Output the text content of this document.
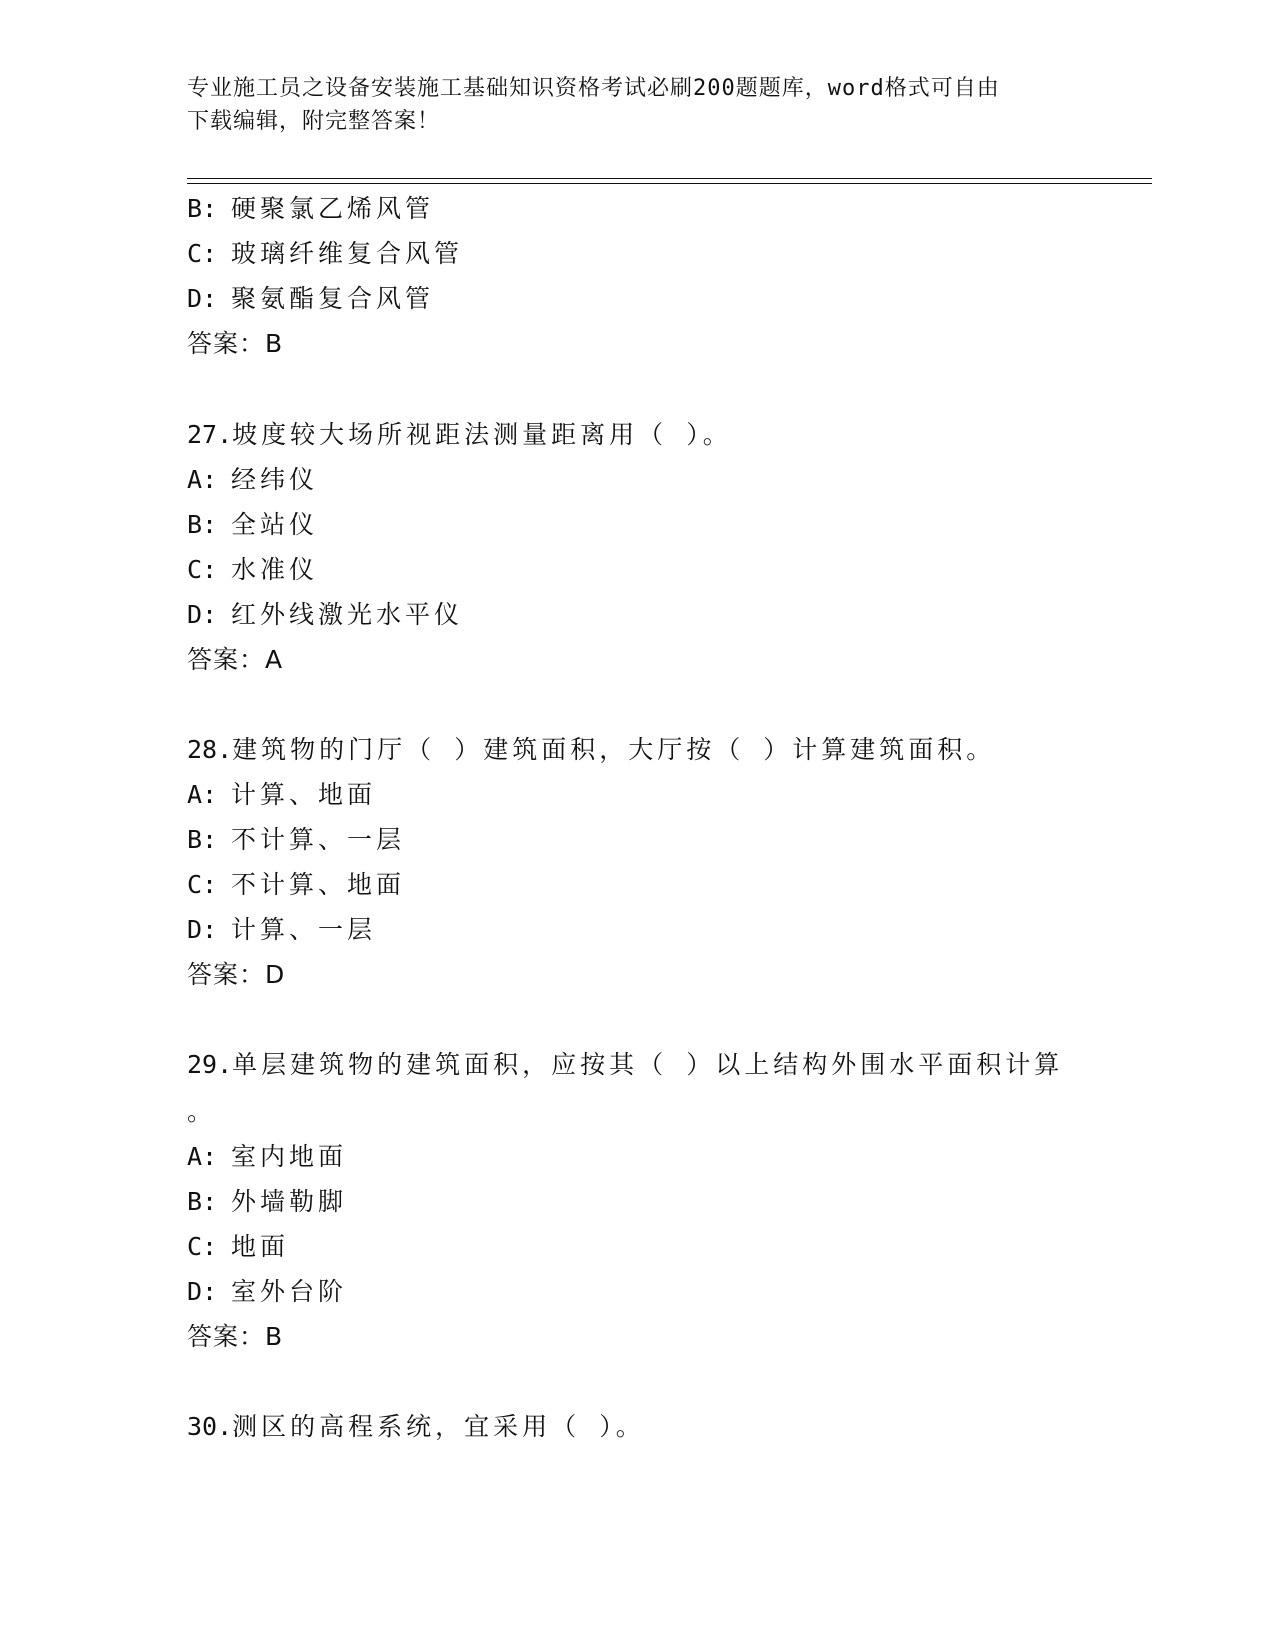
专业施工员之设备安装施工基础知识资格考试必刷200题题库，word格式可自由
下载编辑，附完整答案！
B: 硬聚氯乙烯风管
C: 玻璃纤维复合风管
D: 聚氨酯复合风管
答案：B
27.坡度较大场所视距法测量距离用（ ）。
A: 经纬仪
B: 全站仪
C: 水准仪
D: 红外线激光水平仪
答案：A
28.建筑物的门厅（ ）建筑面积，大厅按（ ）计算建筑面积。
A: 计算、地面
B: 不计算、一层
C: 不计算、地面
D: 计算、一层
答案：D
29.单层建筑物的建筑面积，应按其（ ）以上结构外围水平面积计算
。
A: 室内地面
B: 外墙勒脚
C: 地面
D: 室外台阶
答案：B
30.测区的高程系统，宜采用（ ）。
